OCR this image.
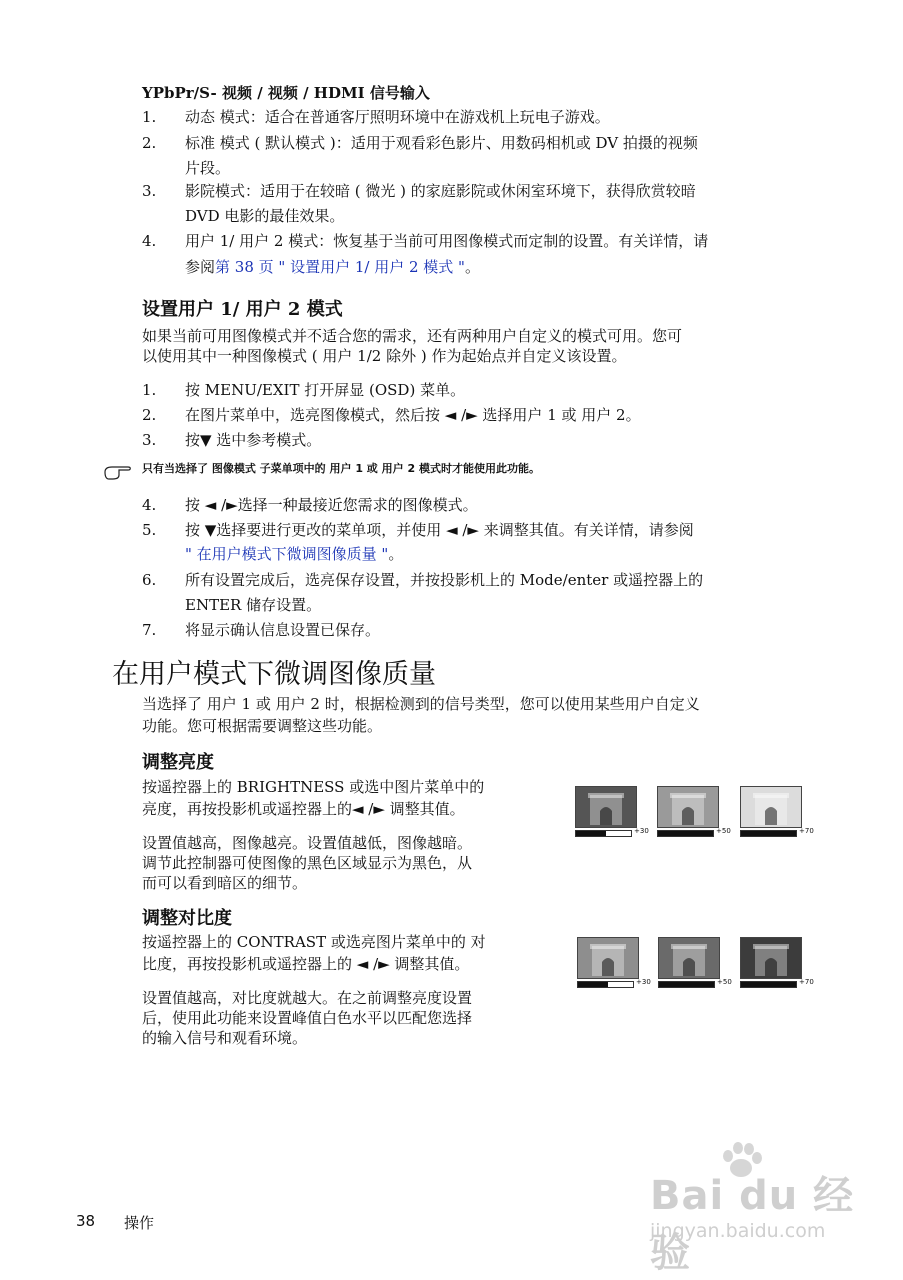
YPbPr/S- 视频 / 视频 / HDMI 信号输入
1.	动态 模式：适合在普通客厅照明环境中在游戏机上玩电子游戏。
2.	标准 模式 ( 默认模式 )：适用于观看彩色影片、用数码相机或 DV 拍摄的视频
片段。
3.	影院模式：适用于在较暗 ( 微光 ) 的家庭影院或休闲室环境下，获得欣赏较暗
DVD 电影的最佳效果。
4.	用户 1/ 用户 2 模式：恢复基于当前可用图像模式而定制的设置。有关详情，请
参阅第 38 页 " 设置用户 1/ 用户 2 模式 "。
设置用户 1/ 用户 2 模式
如果当前可用图像模式并不适合您的需求，还有两种用户自定义的模式可用。您可
以使用其中一种图像模式 ( 用户 1/2 除外 ) 作为起始点并自定义该设置。
1.	按 MENU/EXIT 打开屏显 (OSD) 菜单。
2.	在图片菜单中，选亮图像模式，然后按 ◄ /► 选择用户 1 或 用户 2。
3.	按▼ 选中参考模式。
只有当选择了 图像模式 子菜单项中的 用户 1 或 用户 2 模式时才能使用此功能。
4.	按 ◄ /►选择一种最接近您需求的图像模式。
5.	按 ▼选择要进行更改的菜单项，并使用 ◄ /► 来调整其值。有关详情，请参阅
" 在用户模式下微调图像质量 "。
6.	所有设置完成后，选亮保存设置，并按投影机上的 Mode/enter 或遥控器上的
ENTER 储存设置。
7.	将显示确认信息设置已保存。
在用户模式下微调图像质量
当选择了 用户 1 或 用户 2 时，根据检测到的信号类型，您可以使用某些用户自定义
功能。您可根据需要调整这些功能。
调整亮度
按遥控器上的 BRIGHTNESS 或选中图片菜单中的
亮度，再按投影机或遥控器上的◄ /► 调整其值。
设置值越高，图像越亮。设置值越低，图像越暗。
调节此控制器可使图像的黑色区域显示为黑色，从
而可以看到暗区的细节。
+30	+50	+70
调整对比度
按遥控器上的 CONTRAST 或选亮图片菜单中的 对
比度，再按投影机或遥控器上的 ◄ /► 调整其值。
设置值越高，对比度就越大。在之前调整亮度设置
后，使用此功能来设置峰值白色水平以匹配您选择
的输入信号和观看环境。
+30	+50	+70
38 操作
Bai du 经验
jingyan.baidu.com
